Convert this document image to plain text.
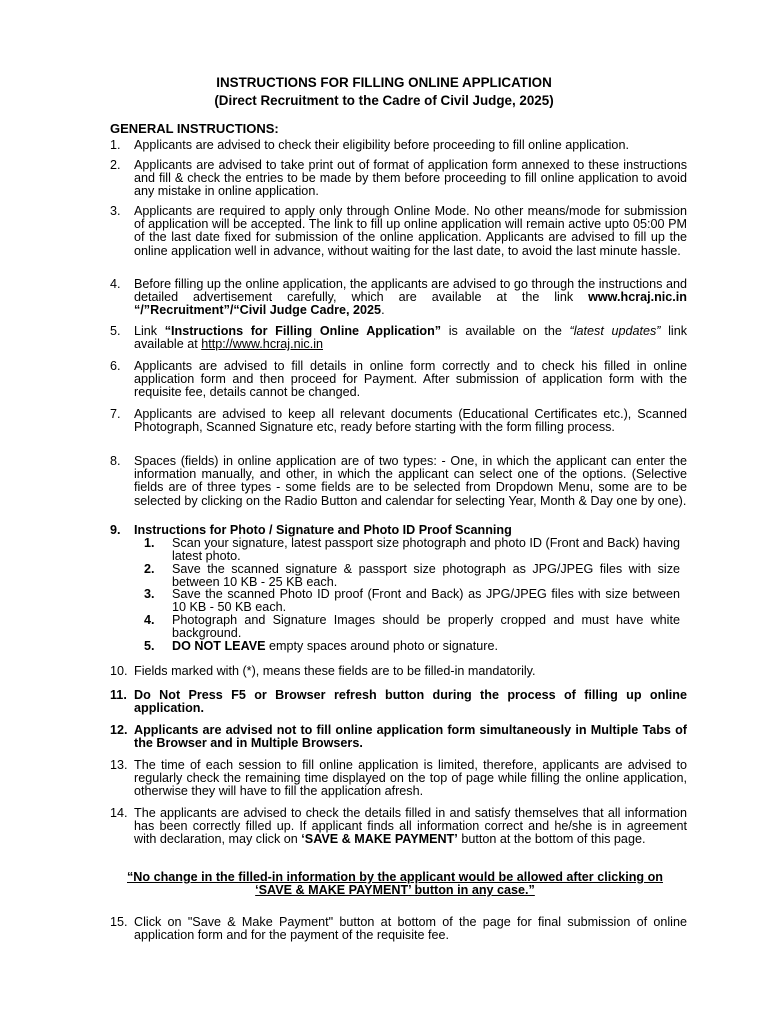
INSTRUCTIONS FOR FILLING ONLINE APPLICATION
(Direct Recruitment to the Cadre of Civil Judge, 2025)
GENERAL INSTRUCTIONS:
1.	Applicants are advised to check their eligibility before proceeding to fill online application.
2.	Applicants are advised to take print out of format of application form annexed to these instructions and fill & check the entries to be made by them before proceeding to fill online application to avoid any mistake in online application.
3.	Applicants are required to apply only through Online Mode. No other means/mode for submission of application will be accepted. The link to fill up online application will remain active upto 05:00 PM of the last date fixed for submission of the online application. Applicants are advised to fill up the online application well in advance, without waiting for the last date, to avoid the last minute hassle.
4.	Before filling up the online application, the applicants are advised to go through the instructions and detailed advertisement carefully, which are available at the link www.hcraj.nic.in “/”Recruitment”/“Civil Judge Cadre, 2025.
5.	Link “Instructions for Filling Online Application” is available on the “latest updates” link available at http://www.hcraj.nic.in
6.	Applicants are advised to fill details in online form correctly and to check his filled in online application form and then proceed for Payment. After submission of application form with the requisite fee, details cannot be changed.
7.	Applicants are advised to keep all relevant documents (Educational Certificates etc.), Scanned Photograph, Scanned Signature etc, ready before starting with the form filling process.
8.	Spaces (fields) in online application are of two types: - One, in which the applicant can enter the information manually, and other, in which the applicant can select one of the options. (Selective fields are of three types - some fields are to be selected from Dropdown Menu, some are to be selected by clicking on the Radio Button and calendar for selecting Year, Month & Day one by one).
9.	Instructions for Photo / Signature and Photo ID Proof Scanning
1. Scan your signature, latest passport size photograph and photo ID (Front and Back) having latest photo.
2. Save the scanned signature & passport size photograph as JPG/JPEG files with size between 10 KB - 25 KB each.
3. Save the scanned Photo ID proof (Front and Back) as JPG/JPEG files with size between 10 KB - 50 KB each.
4. Photograph and Signature Images should be properly cropped and must have white background.
5. DO NOT LEAVE empty spaces around photo or signature.
10. Fields marked with (*), means these fields are to be filled-in mandatorily.
11. Do Not Press F5 or Browser refresh button during the process of filling up online application.
12. Applicants are advised not to fill online application form simultaneously in Multiple Tabs of the Browser and in Multiple Browsers.
13. The time of each session to fill online application is limited, therefore, applicants are advised to regularly check the remaining time displayed on the top of page while filling the online application, otherwise they will have to fill the application afresh.
14. The applicants are advised to check the details filled in and satisfy themselves that all information has been correctly filled up. If applicant finds all information correct and he/she is in agreement with declaration, may click on ‘SAVE & MAKE PAYMENT’ button at the bottom of this page.
“No change in the filled-in information by the applicant would be allowed after clicking on ‘SAVE & MAKE PAYMENT’ button in any case.”
15. Click on "Save & Make Payment" button at bottom of the page for final submission of online application form and for the payment of the requisite fee.
